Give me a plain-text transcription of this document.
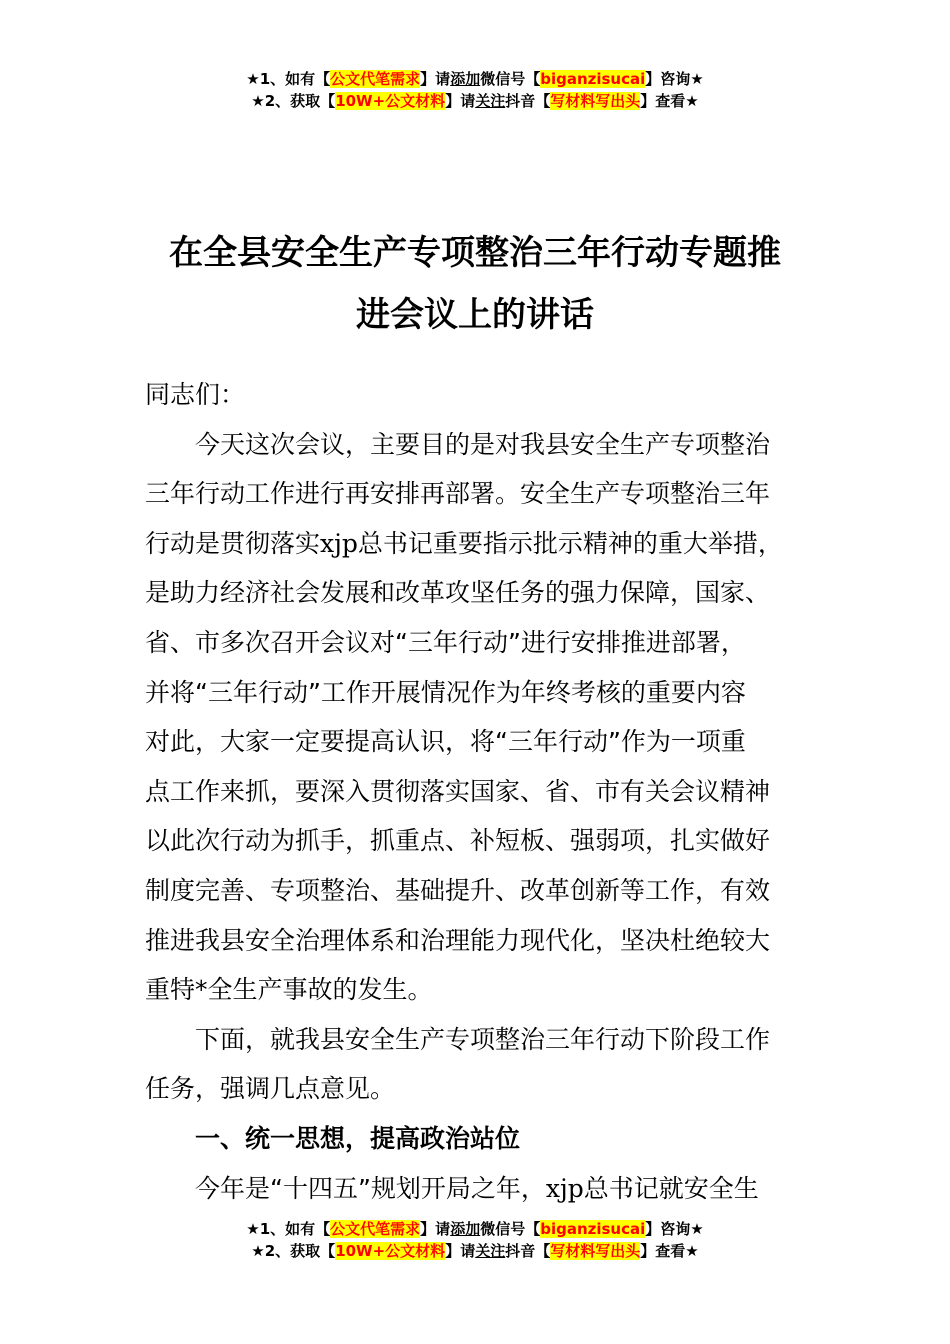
★1、如有【公文代笔需求】请添加微信号【biganzisucai】咨询★
★2、获取【10W+公文材料】请关注抖音【写材料写出头】查看★
在全县安全生产专项整治三年行动专题推
进会议上的讲话

同志们：

今天这次会议，主要目的是对我县安全生产专项整治

三年行动工作进行再安排再部署。安全生产专项整治三年

行动是贯彻落实xjp总书记重要指示批示精神的重大举措，

是助力经济社会发展和改革攻坚任务的强力保障，国家、

省、市多次召开会议对“三年行动”进行安排推进部署，

并将“三年行动”工作开展情况作为年终考核的重要内容

对此，大家一定要提高认识，将“三年行动”作为一项重

点工作来抓，要深入贯彻落实国家、省、市有关会议精神

以此次行动为抓手，抓重点、补短板、强弱项，扎实做好

制度完善、专项整治、基础提升、改革创新等工作，有效

推进我县安全治理体系和治理能力现代化，坚决杜绝较大

重特*全生产事故的发生。

下面，就我县安全生产专项整治三年行动下阶段工作

任务，强调几点意见。

一、统一思想，提高政治站位

今年是“十四五”规划开局之年，xjp总书记就安全生

★1、如有【公文代笔需求】请添加微信号【biganzisucai】咨询★
★2、获取【10W+公文材料】请关注抖音【写材料写出头】查看★
